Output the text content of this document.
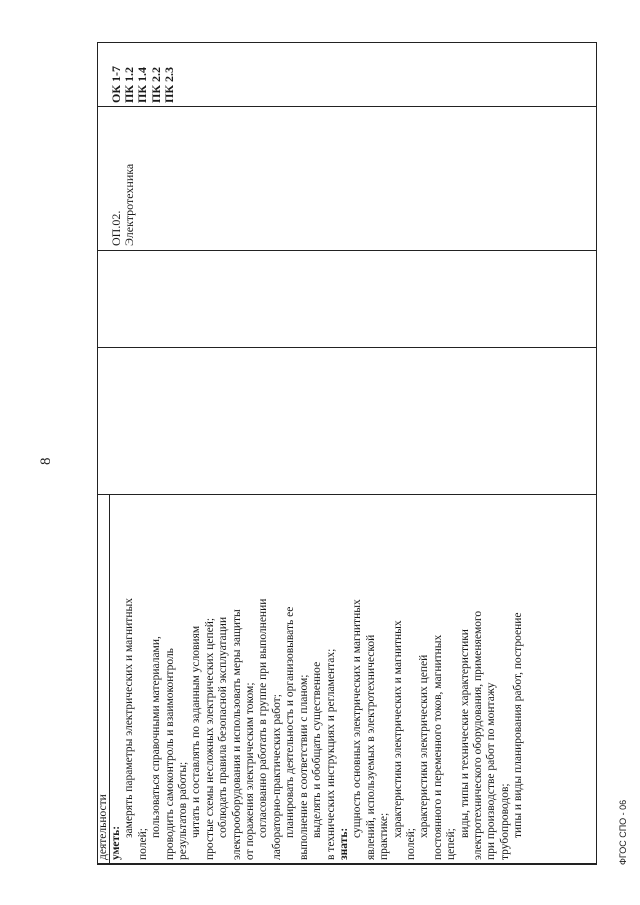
8
деятельности уметь:
замерять параметры электрических и магнитных
полей;
пользоваться справочными материалами, проводить самоконтроль и взаимоконтроль результатов работы; читать и составлять по заданным условиям простые схемы несложных электрических цепей; соблюдать правила безопасной эксплуатации электрооборудования и использовать меры защиты от поражения электрическим током; согласованно работать в группе при выполнении лабораторно-практических работ; планировать деятельность и организовывать ее выполнение в соответствии с планом; выделять и обобщать существенное в технических инструкциях и регламентах; знать:
сущность основных электрических и магнитных явлений, используемых в электротехнической практике; характеристики электрических и магнитных
полей;
характеристики электрических цепей постоянного и переменного токов, магнитных цепей;
виды, типы и технические характеристики электротехнического оборудования, применяемого при производстве работ по монтажу трубопроводов; типы и виды планирования работ, построение
ОП.02. Электротехника
ОК 1-7 ПК 1.2 ПК 1.4 ПК 2.2 ПК 2.3
ФГОС СПО - 06
